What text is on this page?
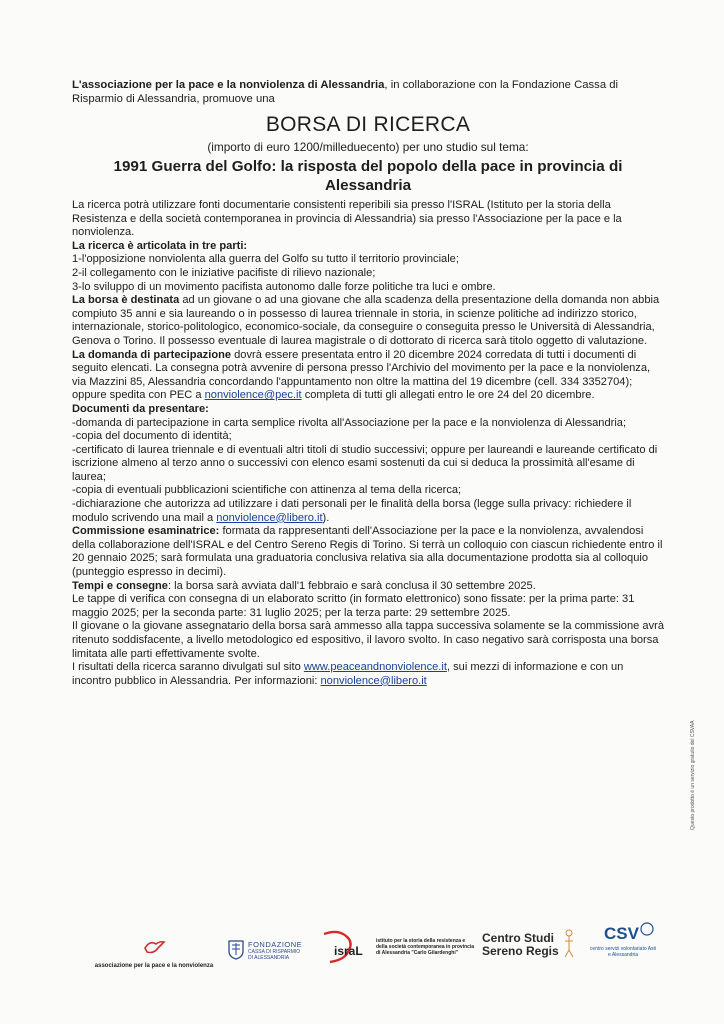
L'associazione per la pace e la nonviolenza di Alessandria, in collaborazione con la Fondazione Cassa di Risparmio di Alessandria, promuove una

BORSA DI RICERCA
(importo di euro 1200/milleduecento) per uno studio sul tema:
1991 Guerra del Golfo: la risposta del popolo della pace in provincia di Alessandria

La ricerca potrà utilizzare fonti documentarie consistenti reperibili sia presso l'ISRAL (Istituto per la storia della Resistenza e della società contemporanea in provincia di Alessandria) sia presso l'Associazione per la pace e la nonviolenza.

La ricerca è articolata in tre parti:

1-l'opposizione nonviolenta alla guerra del Golfo su tutto il territorio provinciale;

2-il collegamento con le iniziative pacifiste di rilievo nazionale;

3-lo sviluppo di un movimento pacifista autonomo dalle forze politiche tra luci e ombre.

La borsa è destinata ad un giovane o ad una giovane che alla scadenza della presentazione della domanda non abbia compiuto 35 anni e sia laureando o in possesso di laurea triennale in storia, in scienze politiche ad indirizzo storico, internazionale, storico-politologico, economico-sociale, da conseguire o conseguita presso le Università di Alessandria, Genova o Torino. Il possesso eventuale di laurea magistrale o di dottorato di ricerca sarà titolo oggetto di valutazione.

La domanda di partecipazione dovrà essere presentata entro il 20 dicembre 2024 corredata di tutti i documenti di seguito elencati. La consegna potrà avvenire di persona presso l'Archivio del movimento per la pace e la nonviolenza, via Mazzini 85, Alessandria concordando l'appuntamento non oltre la mattina del 19 dicembre (cell. 334 3352704); oppure spedita con PEC a nonviolence@pec.it completa di tutti gli allegati entro le ore 24 del 20 dicembre.

Documenti da presentare:

-domanda di partecipazione in carta semplice rivolta all'Associazione per la pace e la nonviolenza di Alessandria;

-copia del documento di identità;

-certificato di laurea triennale e di eventuali altri titoli di studio successivi; oppure per laureandi e laureande certificato di iscrizione almeno al terzo anno o successivi con elenco esami sostenuti da cui si deduca la prossimità all'esame di laurea;

-copia di eventuali pubblicazioni scientifiche con attinenza al tema della ricerca;

-dichiarazione che autorizza ad utilizzare i dati personali per le finalità della borsa (legge sulla privacy: richiedere il modulo scrivendo una mail a nonviolence@libero.it).

Commissione esaminatrice: formata da rappresentanti dell'Associazione per la pace e la nonviolenza, avvalendosi della collaborazione dell'ISRAL e del Centro Sereno Regis di Torino. Si terrà un colloquio con ciascun richiedente entro il 20 gennaio 2025; sarà formulata una graduatoria conclusiva relativa sia alla documentazione prodotta sia al colloquio (punteggio espresso in decimi).

Tempi e consegne: la borsa sarà avviata dall'1 febbraio e sarà conclusa il 30 settembre 2025.

Le tappe di verifica con consegna di un elaborato scritto (in formato elettronico) sono fissate: per la prima parte: 31 maggio 2025; per la seconda parte: 31 luglio 2025; per la terza parte: 29 settembre 2025.

Il giovane o la giovane assegnatario della borsa sarà ammesso alla tappa successiva solamente se la commissione avrà ritenuto soddisfacente, a livello metodologico ed espositivo, il lavoro svolto. In caso negativo sarà corrisposta una borsa limitata alle parti effettivamente svolte.

I risultati della ricerca saranno divulgati sul sito www.peaceandnonviolence.it, sui mezzi di informazione e con un incontro pubblico in Alessandria. Per informazioni: nonviolence@libero.it

associazione per la pace e la nonviolenza
FONDAZIONE
CASSA DI RISPARMIO
DI ALESSANDRIA	israL
istituto per la storia della resistenza e della società contemporanea in provincia di Alessandria "Carlo Gilardenghi"
Centro Studi
Sereno Regis
CSV
centro servizi volontariato Asti e Alessandria
Questo prodotto è un servizio gratuito del CSVAA
